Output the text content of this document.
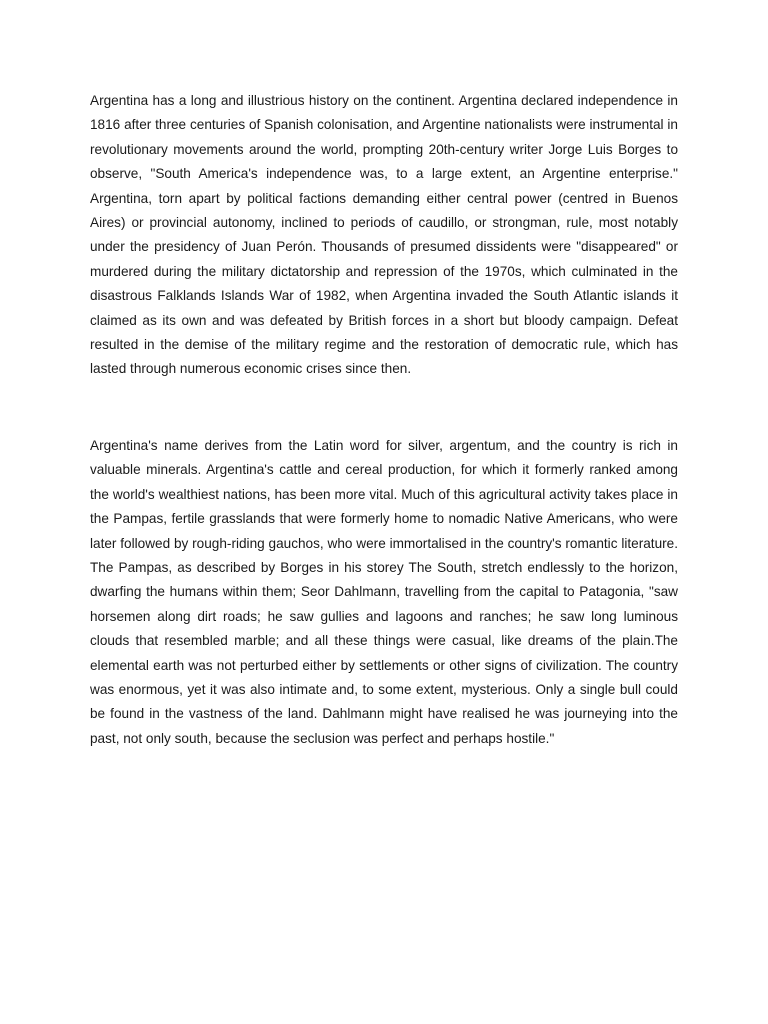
Argentina has a long and illustrious history on the continent. Argentina declared independence in 1816 after three centuries of Spanish colonisation, and Argentine nationalists were instrumental in revolutionary movements around the world, prompting 20th-century writer Jorge Luis Borges to observe, "South America's independence was, to a large extent, an Argentine enterprise." Argentina, torn apart by political factions demanding either central power (centred in Buenos Aires) or provincial autonomy, inclined to periods of caudillo, or strongman, rule, most notably under the presidency of Juan Perón. Thousands of presumed dissidents were "disappeared" or murdered during the military dictatorship and repression of the 1970s, which culminated in the disastrous Falklands Islands War of 1982, when Argentina invaded the South Atlantic islands it claimed as its own and was defeated by British forces in a short but bloody campaign. Defeat resulted in the demise of the military regime and the restoration of democratic rule, which has lasted through numerous economic crises since then.

Argentina's name derives from the Latin word for silver, argentum, and the country is rich in valuable minerals. Argentina's cattle and cereal production, for which it formerly ranked among the world's wealthiest nations, has been more vital. Much of this agricultural activity takes place in the Pampas, fertile grasslands that were formerly home to nomadic Native Americans, who were later followed by rough-riding gauchos, who were immortalised in the country's romantic literature. The Pampas, as described by Borges in his storey The South, stretch endlessly to the horizon, dwarfing the humans within them; Seor Dahlmann, travelling from the capital to Patagonia, "saw horsemen along dirt roads; he saw gullies and lagoons and ranches; he saw long luminous clouds that resembled marble; and all these things were casual, like dreams of the plain.The elemental earth was not perturbed either by settlements or other signs of civilization. The country was enormous, yet it was also intimate and, to some extent, mysterious. Only a single bull could be found in the vastness of the land. Dahlmann might have realised he was journeying into the past, not only south, because the seclusion was perfect and perhaps hostile."
